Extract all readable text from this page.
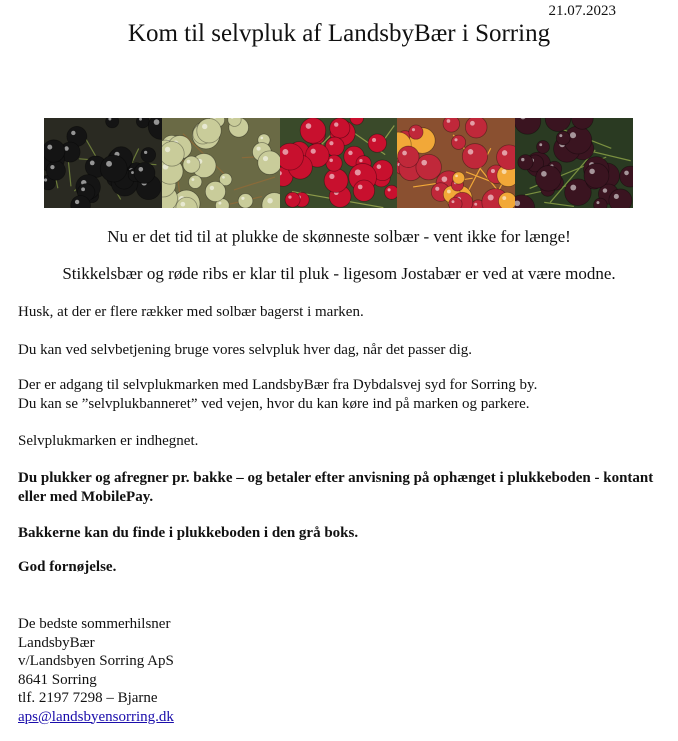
21.07.2023
Kom til selvpluk af LandsbyBær i Sorring

Nu er det tid til at plukke de skønneste solbær - vent ikke for længe!

Stikkelsbær og røde ribs er klar til pluk - ligesom Jostabær er ved at være modne.

Husk, at der er flere rækker med solbær bagerst i marken.

Du kan ved selvbetjening bruge vores selvpluk hver dag, når det passer dig.

Der er adgang til selvplukmarken med LandsbyBær fra Dybdalsvej syd for Sorring by.
Du kan se ”selvplukbanneret” ved vejen, hvor du kan køre ind på marken og parkere.

Selvplukmarken er indhegnet.

Du plukker og afregner pr. bakke – og betaler efter anvisning på ophænget i plukkeboden - kontant
eller med MobilePay.

Bakkerne kan du finde i plukkeboden i den grå boks.

God fornøjelse.

De bedste sommerhilsner
LandsbyBær
v/Landsbyen Sorring ApS
8641 Sorring
tlf. 2197 7298 – Bjarne
aps@landsbyensorring.dk
